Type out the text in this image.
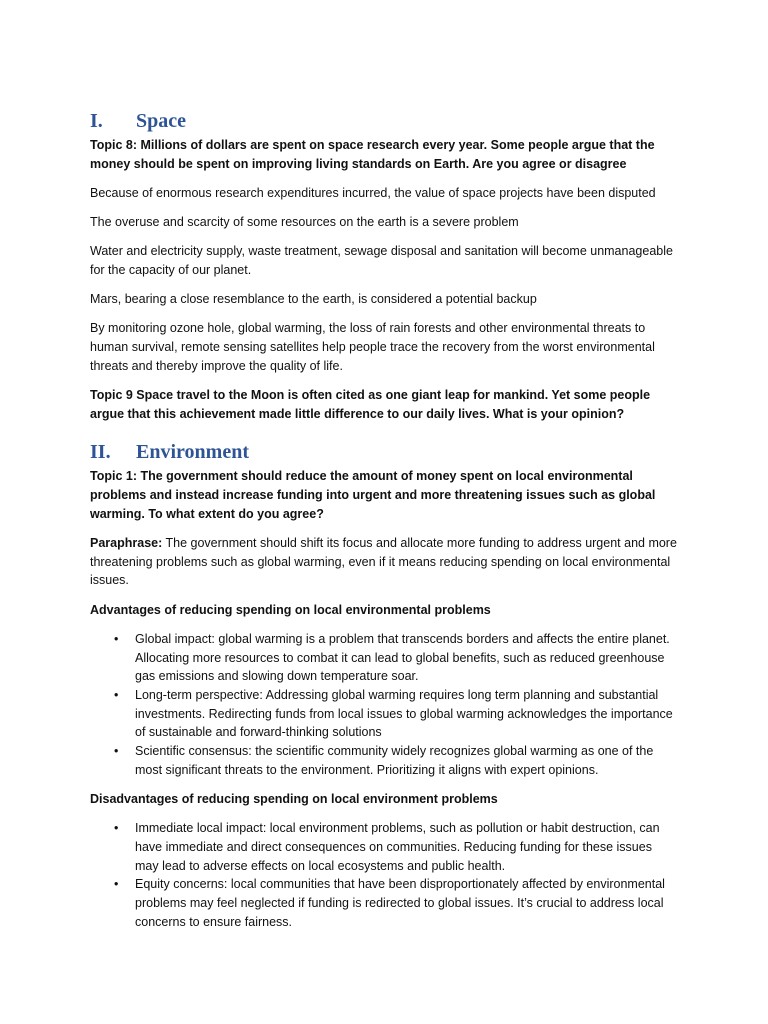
I.	Space

Topic 8: Millions of dollars are spent on space research every year. Some people argue that the money should be spent on improving living standards on Earth. Are you agree or disagree

Because of enormous research expenditures incurred, the value of space projects have been disputed

The overuse and scarcity of some resources on the earth is a severe problem

Water and electricity supply, waste treatment, sewage disposal and sanitation will become unmanageable for the capacity of our planet.

Mars, bearing a close resemblance to the earth, is considered a potential backup

By monitoring ozone hole, global warming, the loss of rain forests and other environmental threats to human survival, remote sensing satellites help people trace the recovery from the worst environmental threats and thereby improve the quality of life.

Topic 9 Space travel to the Moon is often cited as one giant leap for mankind. Yet some people argue that this achievement made little difference to our daily lives. What is your opinion?

II.	Environment

Topic 1: The government should reduce the amount of money spent on local environmental problems and instead increase funding into urgent and more threatening issues such as global warming. To what extent do you agree?

Paraphrase: The government should shift its focus and allocate more funding to address urgent and more threatening problems such as global warming, even if it means reducing spending on local environmental issues.

Advantages of reducing spending on local environmental problems

• Global impact: global warming is a problem that transcends borders and affects the entire planet. Allocating more resources to combat it can lead to global benefits, such as reduced greenhouse gas emissions and slowing down temperature soar.
• Long-term perspective: Addressing global warming requires long term planning and substantial investments. Redirecting funds from local issues to global warming acknowledges the importance of sustainable and forward-thinking solutions
• Scientific consensus: the scientific community widely recognizes global warming as one of the most significant threats to the environment. Prioritizing it aligns with expert opinions.

Disadvantages of reducing spending on local environment problems

• Immediate local impact: local environment problems, such as pollution or habit destruction, can have immediate and direct consequences on communities. Reducing funding for these issues may lead to adverse effects on local ecosystems and public health.
• Equity concerns: local communities that have been disproportionately affected by environmental problems may feel neglected if funding is redirected to global issues. It’s crucial to address local concerns to ensure fairness.
